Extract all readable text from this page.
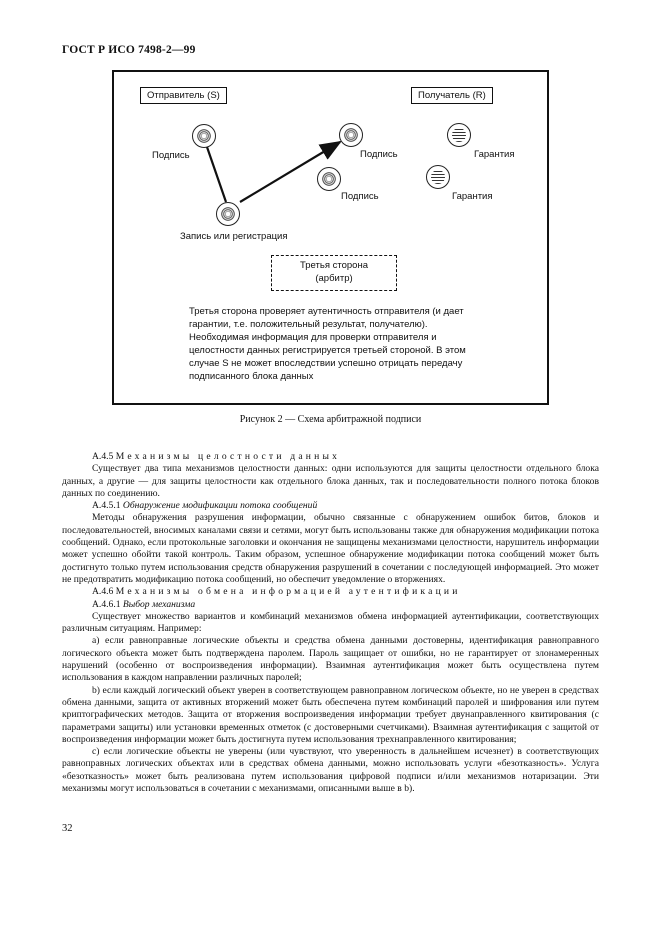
ГОСТ Р ИСО 7498-2—99
Отправитель (S)	Получатель (R)
Подпись
Запись или регистрация
Подпись
Подпись
Гарантия
Гарантия
Третья сторона
(арбитр)
Третья сторона проверяет аутентичность отправителя (и дает гарантии, т.е. положительный результат, получателю). Необходимая информация для проверки отправителя и целостности данных регистрируется третьей стороной. В этом случае S не может впоследствии успешно отрицать передачу подписанного блока данных
Рисунок 2 — Схема арбитражной подписи

А.4.5 Механизмы целостности данных

Существует два типа механизмов целостности данных: одни используются для защиты целостности отдельного блока данных, а другие — для защиты целостности как отдельного блока данных, так и последовательности полного потока блоков данных по соединению.

А.4.5.1 Обнаружение модификации потока сообщений

Методы обнаружения разрушения информации, обычно связанные с обнаружением ошибок битов, блоков и последовательностей, вносимых каналами связи и сетями, могут быть использованы также для обнаружения модификации потока сообщений. Однако, если протокольные заголовки и окончания не защищены механизмами целостности, нарушитель информации может успешно обойти такой контроль. Таким образом, успешное обнаружение модификации потока сообщений может быть достигнуто только путем использования средств обнаружения разрушений в сочетании с последующей информацией. Это может не предотвратить модификацию потока сообщений, но обеспечит уведомление о вторжениях.

А.4.6 Механизмы обмена информацией аутентификации

А.4.6.1 Выбор механизма

Существует множество вариантов и комбинаций механизмов обмена информацией аутентификации, соответствующих различным ситуациям. Например:

а) если равноправные логические объекты и средства обмена данными достоверны, идентификация равноправного логического объекта может быть подтверждена паролем. Пароль защищает от ошибки, но не гарантирует от злонамеренных нарушений (особенно от воспроизведения информации). Взаимная аутентификация может быть осуществлена путем использования в каждом направлении различных паролей;

b) если каждый логический объект уверен в соответствующем равноправном логическом объекте, но не уверен в средствах обмена данными, защита от активных вторжений может быть обеспечена путем комбинаций паролей и шифрования или путем криптографических методов. Защита от вторжения воспроизведения информации требует двунаправленного квитирования (с параметрами защиты) или установки временных отметок (с достоверными счетчиками). Взаимная аутентификация с защитой от воспроизведения информации может быть достигнута путем использования трехнаправленного квитирования;

с) если логические объекты не уверены (или чувствуют, что уверенность в дальнейшем исчезнет) в соответствующих равноправных логических объектах или в средствах обмена данными, можно использовать услуги «безотказность». Услуга «безотказность» может быть реализована путем использования цифровой подписи и/или механизмов нотаризации. Эти механизмы могут использоваться в сочетании с механизмами, описанными выше в b).

32
